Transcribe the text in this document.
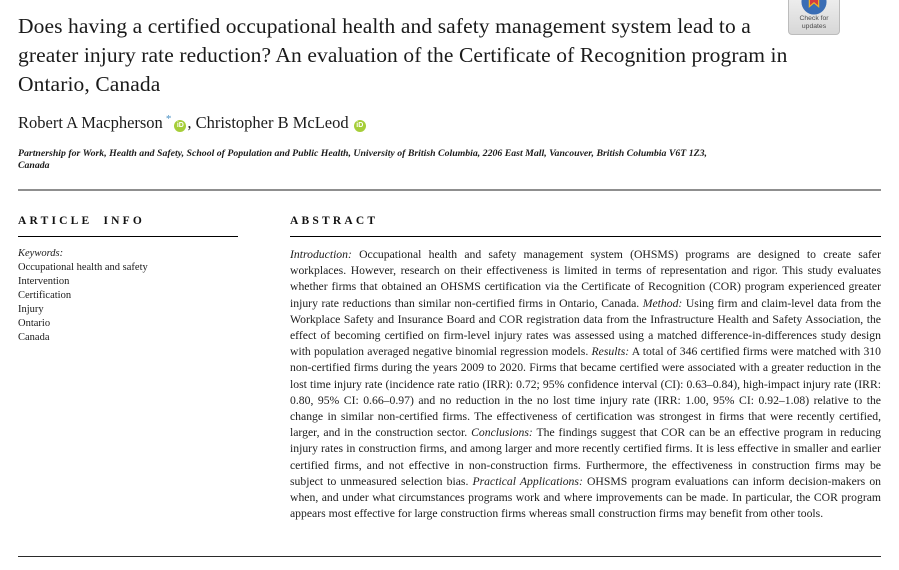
Check for
updates
Does having a certified occupational health and safety management system lead to a greater injury rate reduction? An evaluation of the Certificate of Recognition program in Ontario, Canada
Robert A Macpherson *iD , Christopher B McLeod iD
Partnership for Work, Health and Safety, School of Population and Public Health, University of British Columbia, 2206 East Mall, Vancouver, British Columbia V6T 1Z3,
Canada
ARTICLE INFO
Keywords:
Occupational health and safety
Intervention
Certification
Injury
Ontario
Canada
ABSTRACT

Introduction: Occupational health and safety management system (OHSMS) programs are designed to create safer workplaces. However, research on their effectiveness is limited in terms of representation and rigor. This study evaluates whether firms that obtained an OHSMS certification via the Certificate of Recognition (COR) program experienced greater injury rate reductions than similar non-certified firms in Ontario, Canada. Method: Using firm and claim-level data from the Workplace Safety and Insurance Board and COR registration data from the Infrastructure Health and Safety Association, the effect of becoming certified on firm-level injury rates was assessed using a matched difference-in-differences study design with population averaged negative binomial regression models. Results: A total of 346 certified firms were matched with 310 non-certified firms during the years 2009 to 2020. Firms that became certified were associated with a greater reduction in the lost time injury rate (incidence rate ratio (IRR): 0.72; 95% confidence interval (CI): 0.63–0.84), high-impact injury rate (IRR: 0.80, 95% CI: 0.66–0.97) and no reduction in the no lost time injury rate (IRR: 1.00, 95% CI: 0.92–1.08) relative to the change in similar non-certified firms. The effectiveness of certification was strongest in firms that were recently certified, larger, and in the construction sector. Conclusions: The findings suggest that COR can be an effective program in reducing injury rates in construction firms, and among larger and more recently certified firms. It is less effective in smaller and earlier certified firms, and not effective in non-construction firms. Furthermore, the effectiveness in construction firms may be subject to unmeasured selection bias. Practical Applications: OHSMS program evaluations can inform decision-makers on when, and under what circumstances programs work and where improvements can be made. In particular, the COR program appears most effective for large construction firms whereas small construction firms may benefit from other tools.
